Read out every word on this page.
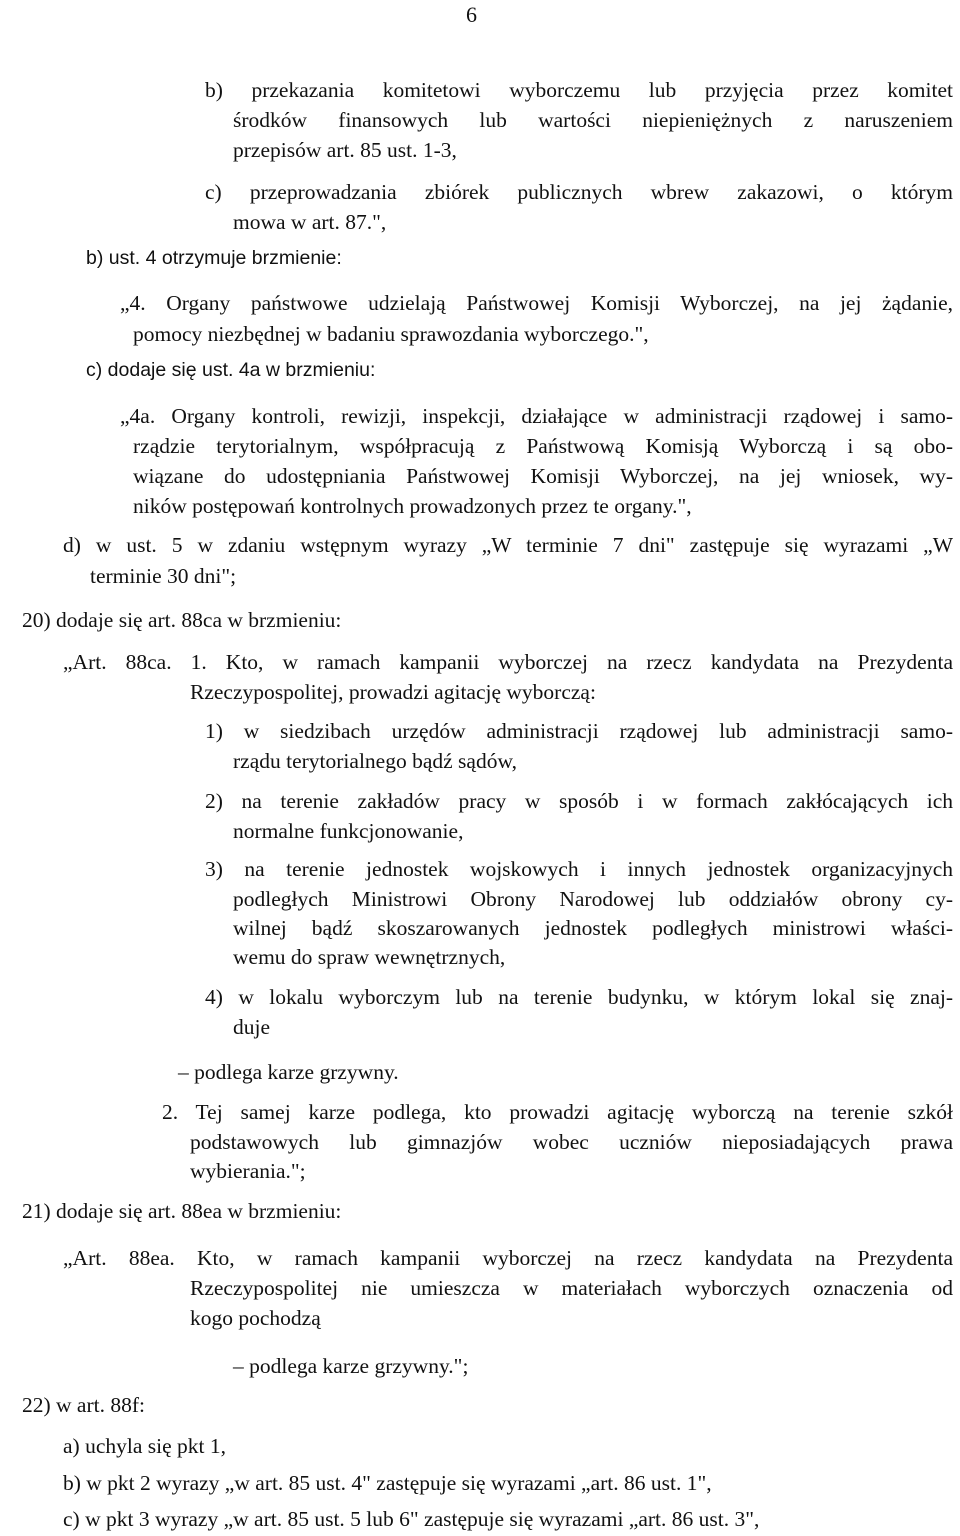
6
b) przekazania komitetowi wyborczemu lub przyjęcia przez komitet
środków finansowych lub wartości niepieniężnych z naruszeniem
przepisów art. 85 ust. 1-3,
c) przeprowadzania zbiórek publicznych wbrew zakazowi, o którym
mowa w art. 87.",
b) ust. 4 otrzymuje brzmienie:
„4. Organy państwowe udzielają Państwowej Komisji Wyborczej, na jej żądanie,
pomocy niezbędnej w badaniu sprawozdania wyborczego.",
c) dodaje się ust. 4a w brzmieniu:
„4a. Organy kontroli, rewizji, inspekcji, działające w administracji rządowej i samo-
rządzie terytorialnym, współpracują z Państwową Komisją Wyborczą i są obo-
wiązane do udostępniania Państwowej Komisji Wyborczej, na jej wniosek, wy-
ników postępowań kontrolnych prowadzonych przez te organy.",
d) w ust. 5 w zdaniu wstępnym wyrazy „W terminie 7 dni" zastępuje się wyrazami „W
terminie 30 dni";
20) dodaje się art. 88ca w brzmieniu:
„Art. 88ca. 1. Kto, w ramach kampanii wyborczej na rzecz kandydata na Prezydenta
Rzeczypospolitej, prowadzi agitację wyborczą:
1) w siedzibach urzędów administracji rządowej lub administracji samo-
rządu terytorialnego bądź sądów,
2) na terenie zakładów pracy w sposób i w formach zakłócających ich
normalne funkcjonowanie,
3) na terenie jednostek wojskowych i innych jednostek organizacyjnych
podległych Ministrowi Obrony Narodowej lub oddziałów obrony cy-
wilnej bądź skoszarowanych jednostek podległych ministrowi właści-
wemu do spraw wewnętrznych,
4) w lokalu wyborczym lub na terenie budynku, w którym lokal się znaj-
duje
– podlega karze grzywny.
2. Tej samej karze podlega, kto prowadzi agitację wyborczą na terenie szkół
podstawowych lub gimnazjów wobec uczniów nieposiadających prawa
wybierania.";
21) dodaje się art. 88ea w brzmieniu:
„Art. 88ea. Kto, w ramach kampanii wyborczej na rzecz kandydata na Prezydenta
Rzeczypospolitej nie umieszcza w materiałach wyborczych oznaczenia od
kogo pochodzą
– podlega karze grzywny.";
22) w art. 88f:
a) uchyla się pkt 1,
b) w pkt 2 wyrazy „w art. 85 ust. 4" zastępuje się wyrazami „art. 86 ust. 1",
c) w pkt 3 wyrazy „w art. 85 ust. 5 lub 6" zastępuje się wyrazami „art. 86 ust. 3",
